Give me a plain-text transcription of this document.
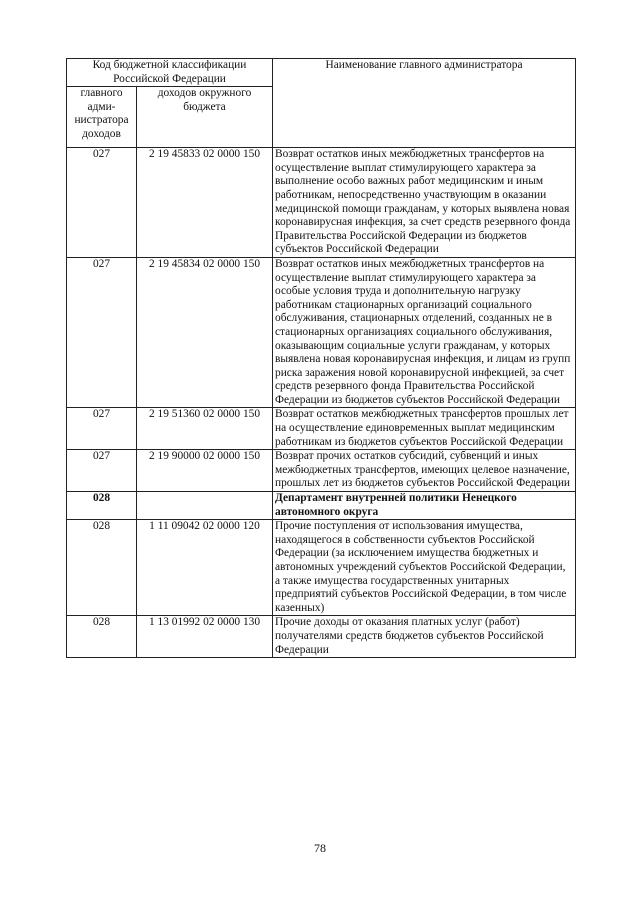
Код бюджетной классификации Российской Федерации		Наименование главного администратора
главного адми-нистратора доходов	доходов окружного бюджета	
027	2 19 45833 02 0000 150	Возврат остатков иных межбюджетных трансфертов на осуществление выплат стимулирующего характера за выполнение особо важных работ медицинским и иным работникам, непосредственно участвующим в оказании медицинской помощи гражданам, у которых выявлена новая коронавирусная инфекция, за счет средств резервного фонда Правительства Российской Федерации из бюджетов субъектов Российской Федерации
027	2 19 45834 02 0000 150	Возврат остатков иных межбюджетных трансфертов на осуществление выплат стимулирующего характера за особые условия труда и дополнительную нагрузку работникам стационарных организаций социального обслуживания, стационарных отделений, созданных не в стационарных организациях социального обслуживания, оказывающим социальные услуги гражданам, у которых выявлена новая коронавирусная инфекция, и лицам из групп риска заражения новой коронавирусной инфекцией, за счет средств резервного фонда Правительства Российской Федерации из бюджетов субъектов Российской Федерации
027	2 19 51360 02 0000 150	Возврат остатков межбюджетных трансфертов прошлых лет на осуществление единовременных выплат медицинским работникам из бюджетов субъектов Российской Федерации
027	2 19 90000 02 0000 150	Возврат прочих остатков субсидий, субвенций и иных межбюджетных трансфертов, имеющих целевое назначение, прошлых лет из бюджетов субъектов Российской Федерации
028		Департамент внутренней политики Ненецкого автономного округа
028	1 11 09042 02 0000 120	Прочие поступления от использования имущества, находящегося в собственности субъектов Российской Федерации (за исключением имущества бюджетных и автономных учреждений субъектов Российской Федерации, а также имущества государственных унитарных предприятий субъектов Российской Федерации, в том числе казенных)
028	1 13 01992 02 0000 130	Прочие доходы от оказания платных услуг (работ) получателями средств бюджетов субъектов Российской Федерации
78
